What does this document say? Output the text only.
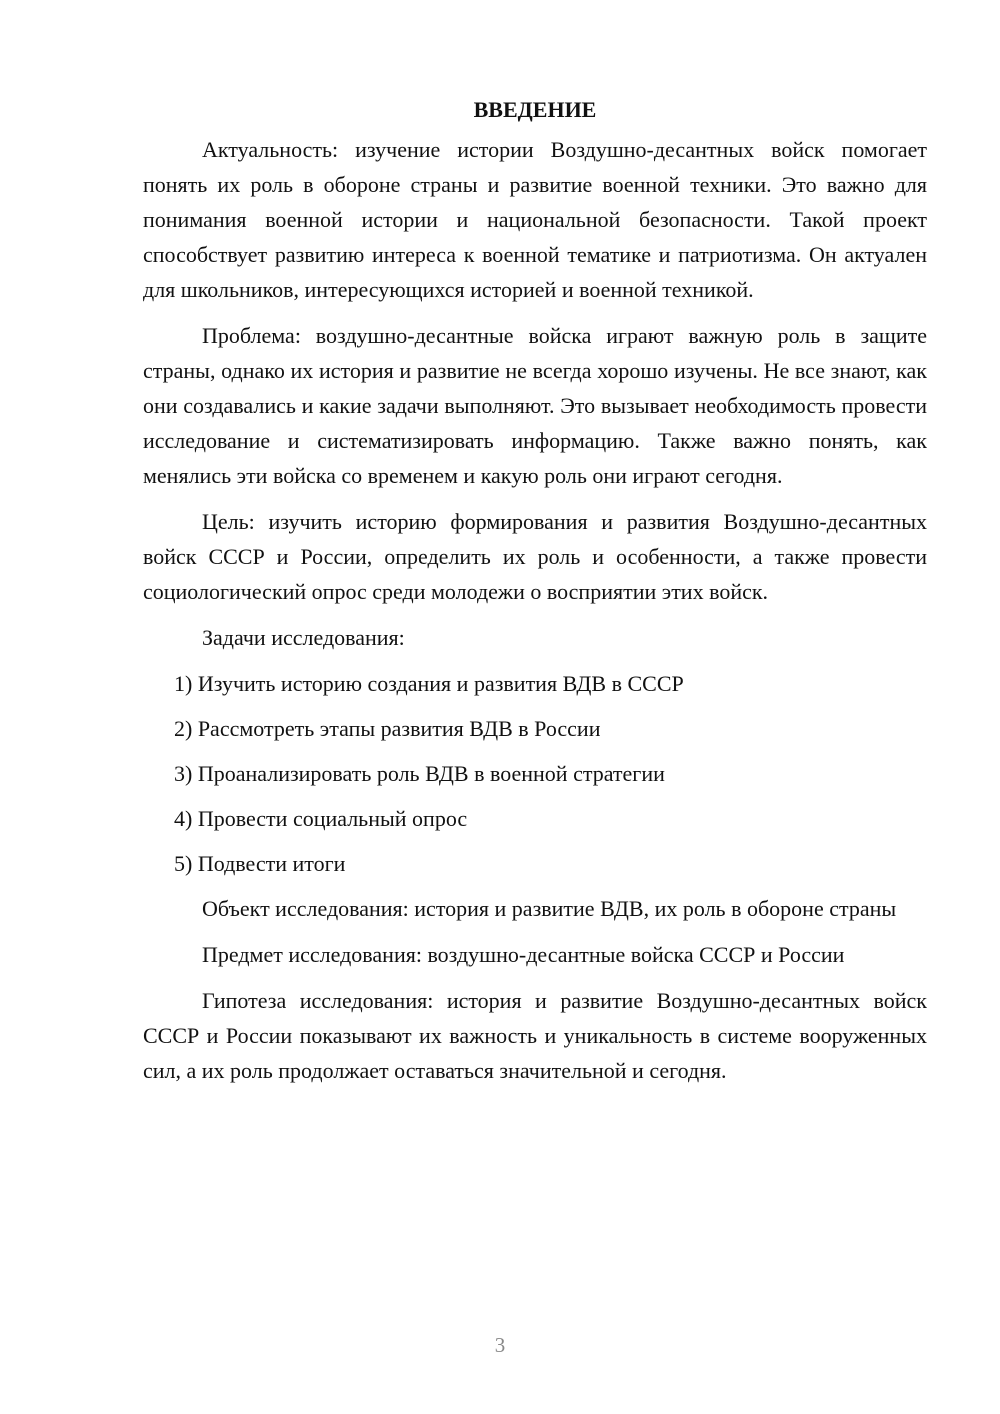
ВВЕДЕНИЕ

Актуальность: изучение истории Воздушно-десантных войск помогает понять их роль в обороне страны и развитие военной техники. Это важно для понимания военной истории и национальной безопасности. Такой проект способствует развитию интереса к военной тематике и патриотизма. Он актуален для школьников, интересующихся историей и военной техникой.

Проблема: воздушно-десантные войска играют важную роль в защите страны, однако их история и развитие не всегда хорошо изучены. Не все знают, как они создавались и какие задачи выполняют. Это вызывает необходимость провести исследование и систематизировать информацию. Также важно понять, как менялись эти войска со временем и какую роль они играют сегодня.

Цель: изучить историю формирования и развития Воздушно-десантных войск СССР и России, определить их роль и особенности, а также провести социологический опрос среди молодежи о восприятии этих войск.

Задачи исследования:

1) Изучить историю создания и развития ВДВ в СССР
2) Рассмотреть этапы развития ВДВ в России
3) Проанализировать роль ВДВ в военной стратегии
4) Провести социальный опрос
5) Подвести итоги

Объект исследования: история и развитие ВДВ, их роль в обороне страны

Предмет исследования: воздушно-десантные войска СССР и России

Гипотеза исследования: история и развитие Воздушно-десантных войск СССР и России показывают их важность и уникальность в системе вооруженных сил, а их роль продолжает оставаться значительной и сегодня.

3
